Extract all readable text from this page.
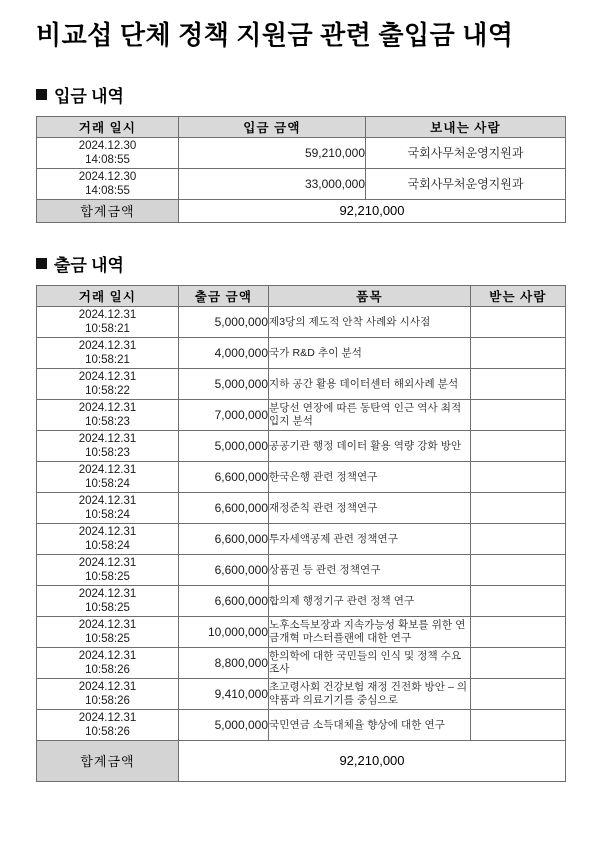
비교섭 단체 정책 지원금 관련 출입금 내역
입금 내역
거래 일시	입금 금액	보내는 사람

2024.12.30
14:08:55	59,210,000	국회사무처운영지원과

2024.12.30
14:08:55	33,000,000	국회사무처운영지원과
합계금액	92,210,000	
출금 내역
거래 일시	출금 금액	품목	받는 사람

2024.12.31
10:58:21	5,000,000	제3당의 제도적 안착 사례와 시사점	

2024.12.31
10:58:21	4,000,000	국가 R&D 추이 분석	

2024.12.31
10:58:22	5,000,000	지하 공간 활용 데이터센터 해외사례 분석	

2024.12.31
10:58:23	7,000,000	분당선 연장에 따른 동탄역 인근 역사 최적 입지 분석	

2024.12.31
10:58:23	5,000,000	공공기관 행정 데이터 활용 역량 강화 방안	

2024.12.31
10:58:24	6,600,000	한국은행 관련 정책연구	

2024.12.31
10:58:24	6,600,000	재정준칙 관련 정책연구	

2024.12.31
10:58:24	6,600,000	투자세액공제 관련 정책연구	

2024.12.31
10:58:25	6,600,000	상품권 등 관련 정책연구	

2024.12.31
10:58:25	6,600,000	합의제 행정기구 관련 정책 연구	

2024.12.31
10:58:25	10,000,000	노후소득보장과 지속가능성 확보를 위한 연금개혁 마스터플랜에 대한 연구	

2024.12.31
10:58:26	8,800,000	한의학에 대한 국민들의 인식 및 정책 수요 조사	

2024.12.31
10:58:26	9,410,000	초고령사회 건강보험 재정 건전화 방안 – 의약품과 의료기기를 중심으로	

2024.12.31
10:58:26	5,000,000	국민연금 소득대체율 향상에 대한 연구	
합계금액	92,210,000		
